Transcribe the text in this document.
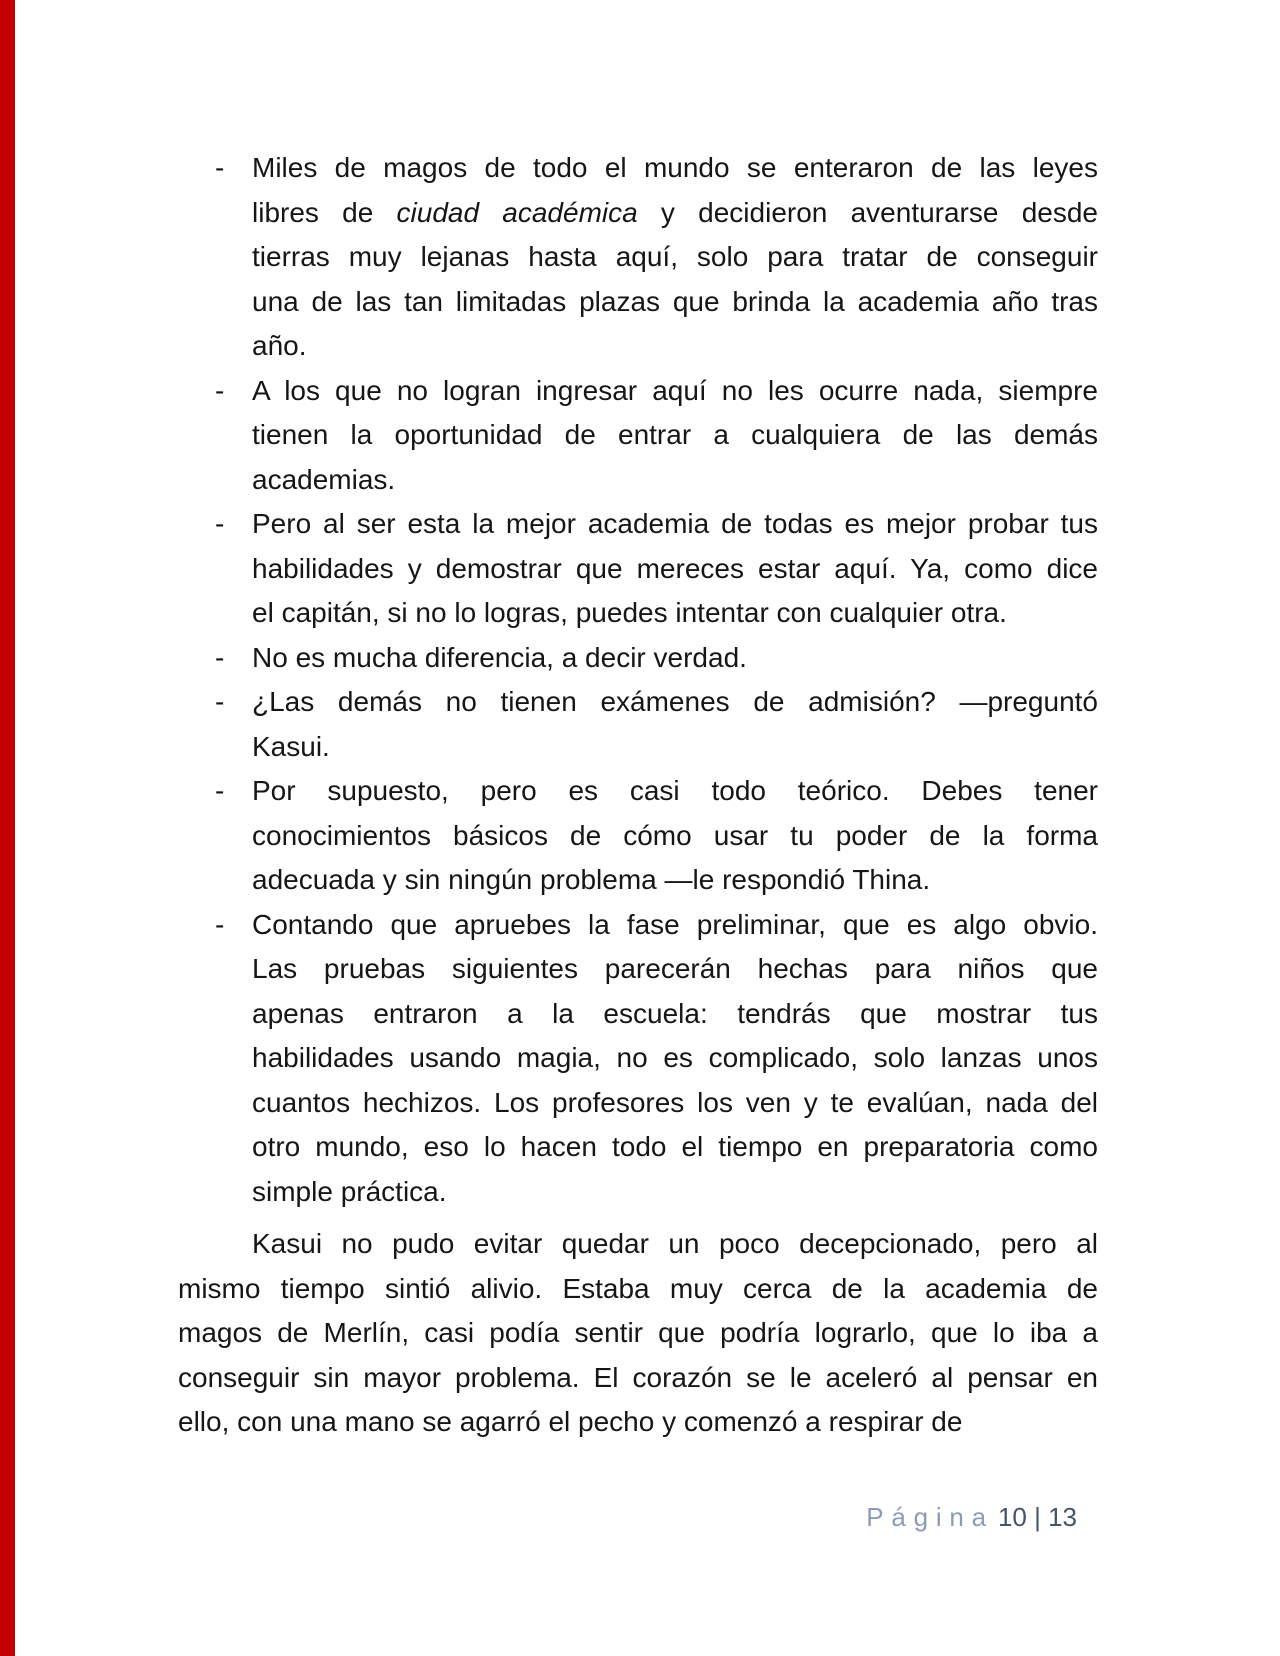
Miles de magos de todo el mundo se enteraron de las leyes
-
libres de ciudad académica y decidieron aventurarse desde
tierras muy lejanas hasta aquí, solo para tratar de conseguir
una de las tan limitadas plazas que brinda la academia año tras
año.
A los que no logran ingresar aquí no les ocurre nada, siempre
-
tienen la oportunidad de entrar a cualquiera de las demás
academias.
Pero al ser esta la mejor academia de todas es mejor probar tus
-
habilidades y demostrar que mereces estar aquí. Ya, como dice
el capitán, si no lo logras, puedes intentar con cualquier otra.
No es mucha diferencia, a decir verdad.
-
¿Las demás no tienen exámenes de admisión? —preguntó
-
Kasui.
Por supuesto, pero es casi todo teórico. Debes tener
-
conocimientos básicos de cómo usar tu poder de la forma
adecuada y sin ningún problema —le respondió Thina.
Contando que apruebes la fase preliminar, que es algo obvio.
-
Las pruebas siguientes parecerán hechas para niños que
apenas entraron a la escuela: tendrás que mostrar tus
habilidades usando magia, no es complicado, solo lanzas unos
cuantos hechizos. Los profesores los ven y te evalúan, nada del
otro mundo, eso lo hacen todo el tiempo en preparatoria como
simple práctica.
Kasui no pudo evitar quedar un poco decepcionado, pero al
mismo tiempo sintió alivio. Estaba muy cerca de la academia de
magos de Merlín, casi podía sentir que podría lograrlo, que lo iba a
conseguir sin mayor problema. El corazón se le aceleró al pensar en
ello, con una mano se agarró el pecho y comenzó a respirar de
Página 10 | 13
